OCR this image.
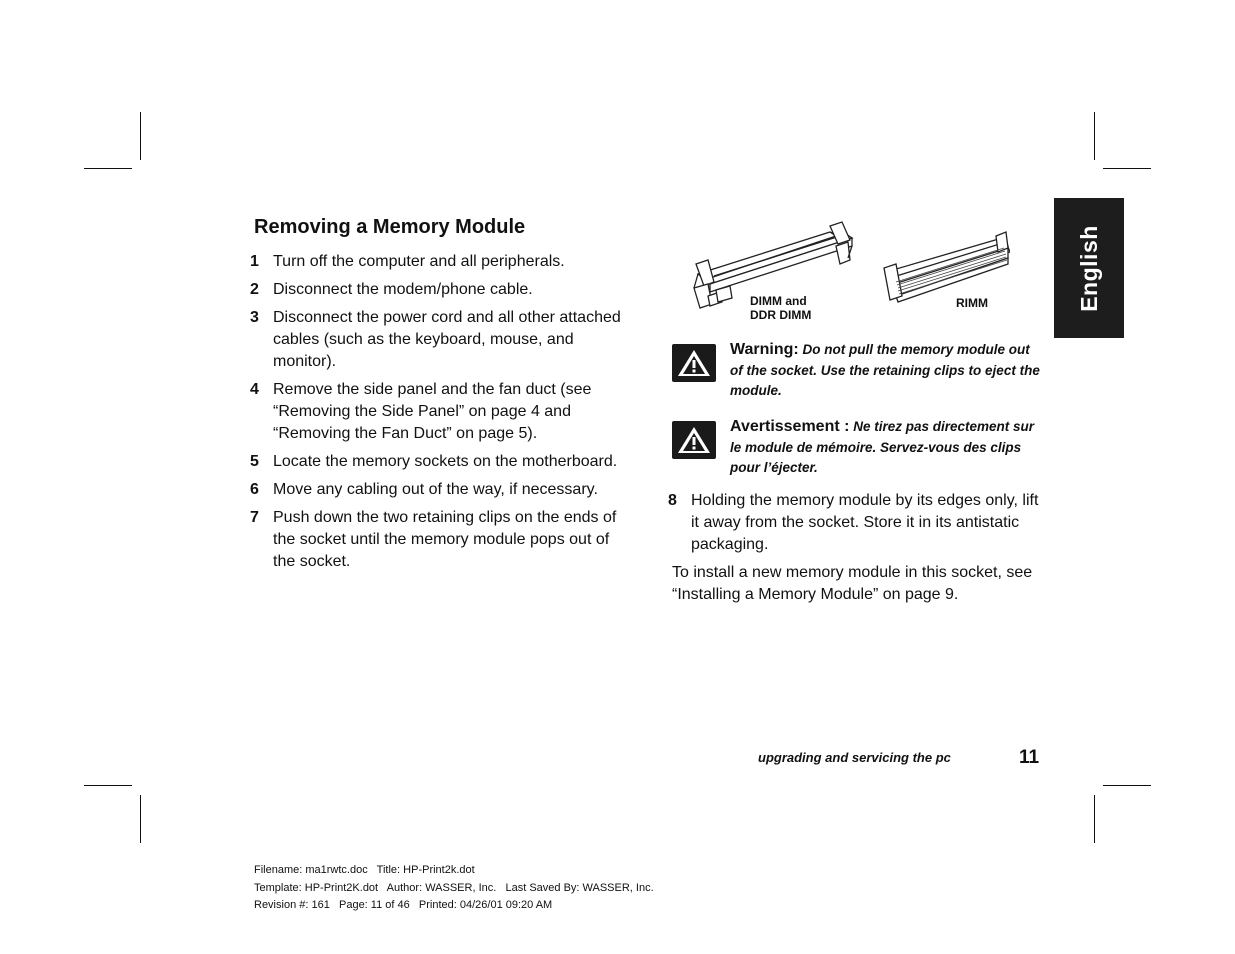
English
Removing a Memory Module
1 Turn off the computer and all peripherals.
2 Disconnect the modem/phone cable.
3 Disconnect the power cord and all other attached cables (such as the keyboard, mouse, and monitor).
4 Remove the side panel and the fan duct (see “Removing the Side Panel” on page 4 and “Removing the Fan Duct” on page 5).
5 Locate the memory sockets on the motherboard.
6 Move any cabling out of the way, if necessary.
7 Push down the two retaining clips on the ends of the socket until the memory module pops out of the socket.
DIMM and
DDR DIMM
RIMM
Warning: Do not pull the memory module out of the socket. Use the retaining clips to eject the module.
Avertissement : Ne tirez pas directement sur le module de mémoire. Servez-vous des clips pour l’éjecter.
8 Holding the memory module by its edges only, lift it away from the socket. Store it in its antistatic packaging.
To install a new memory module in this socket, see “Installing a Memory Module” on page 9.
upgrading and servicing the pc	11
Filename: ma1rwtc.doc   Title: HP-Print2k.dot
Template: HP-Print2K.dot   Author: WASSER, Inc.   Last Saved By: WASSER, Inc.
Revision #: 161   Page: 11 of 46   Printed: 04/26/01 09:20 AM
